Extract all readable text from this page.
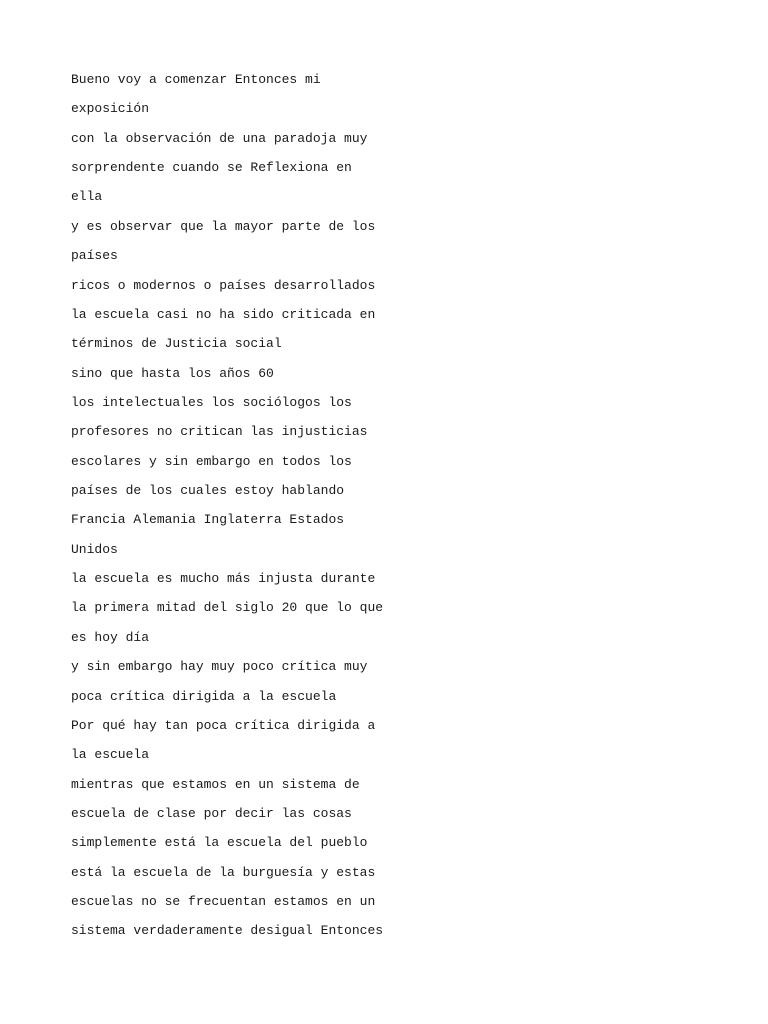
Bueno voy a comenzar Entonces mi
exposición
con la observación de una paradoja muy
sorprendente cuando se Reflexiona en
ella
y es observar que la mayor parte de los
países
ricos o modernos o países desarrollados
la escuela casi no ha sido criticada en
términos de Justicia social
sino que hasta los años 60
los intelectuales los sociólogos los
profesores no critican las injusticias
escolares y sin embargo en todos los
países de los cuales estoy hablando
Francia Alemania Inglaterra Estados
Unidos
la escuela es mucho más injusta durante
la primera mitad del siglo 20 que lo que
es hoy día
y sin embargo hay muy poco crítica muy
poca crítica dirigida a la escuela
Por qué hay tan poca crítica dirigida a
la escuela
mientras que estamos en un sistema de
escuela de clase por decir las cosas
simplemente está la escuela del pueblo
está la escuela de la burguesía y estas
escuelas no se frecuentan estamos en un
sistema verdaderamente desigual Entonces
